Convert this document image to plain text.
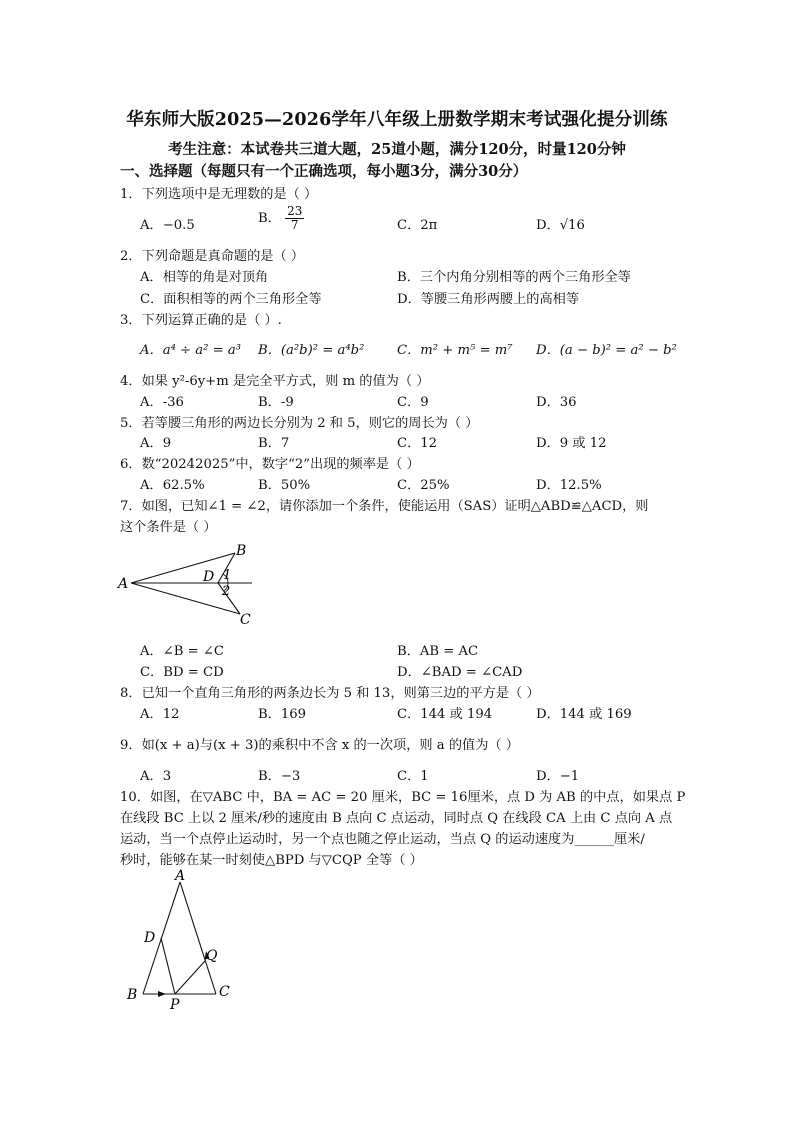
华东师大版2025—2026学年八年级上册数学期末考试强化提分训练
考生注意：本试卷共三道大题，25道小题，满分120分，时量120分钟
一、选择题（每题只有一个正确选项，每小题3分，满分30分）
1．下列选项中是无理数的是（ ）
A．−0.5	B． $\frac{23}{7}$	C．2π	D．√16
2．下列命题是真命题的是（ ）
A．相等的角是对顶角	B．三个内角分别相等的两个三角形全等
C．面积相等的两个三角形全等	D．等腰三角形两腰上的高相等
3．下列运算正确的是（ ）.
A．a⁴ ÷ a² = a³ B．(a²b)² = a⁴b² C．m² + m⁵ = m⁷ D．(a − b)² = a² − b²
4．如果 y²-6y+m 是完全平方式，则 m 的值为（ ）
A．-36	B．-9	C．9	D．36
5．若等腰三角形的两边长分别为 2 和 5，则它的周长为（ ）
A．9	B．7	C．12	D．9 或 12
6．数“20242025”中，数字“2”出现的频率是（ ）
A．62.5%	B．50%	C．25%	D．12.5%
7．如图，已知∠1 = ∠2，请你添加一个条件，使能运用（SAS）证明△ABD≌△ACD，则
这个条件是（ ）
A
B
C
D 1
2
A．∠B = ∠C	B．AB = AC
C．BD = CD	D．∠BAD = ∠CAD
8．已知一个直角三角形的两条边长为 5 和 13，则第三边的平方是（ ）
A．12	B．169	C．144 或 194	D．144 或 169
9．如(x + a)与(x + 3)的乘积中不含 x 的一次项，则 a 的值为（ ）
A．3	B．−3	C．1	D．−1
10．如图，在▽ABC 中，BA = AC = 20 厘米，BC = 16厘米，点 D 为 AB 的中点，如果点 P
在线段 BC 上以 2 厘米/秒的速度由 B 点向 C 点运动，同时点 Q 在线段 CA 上由 C 点向 A 点
运动，当一个点停止运动时，另一个点也随之停止运动，当点 Q 的运动速度为______厘米/
秒时，能够在某一时刻使△BPD 与▽CQP 全等（ ）
A
B	C
D
P
Q
